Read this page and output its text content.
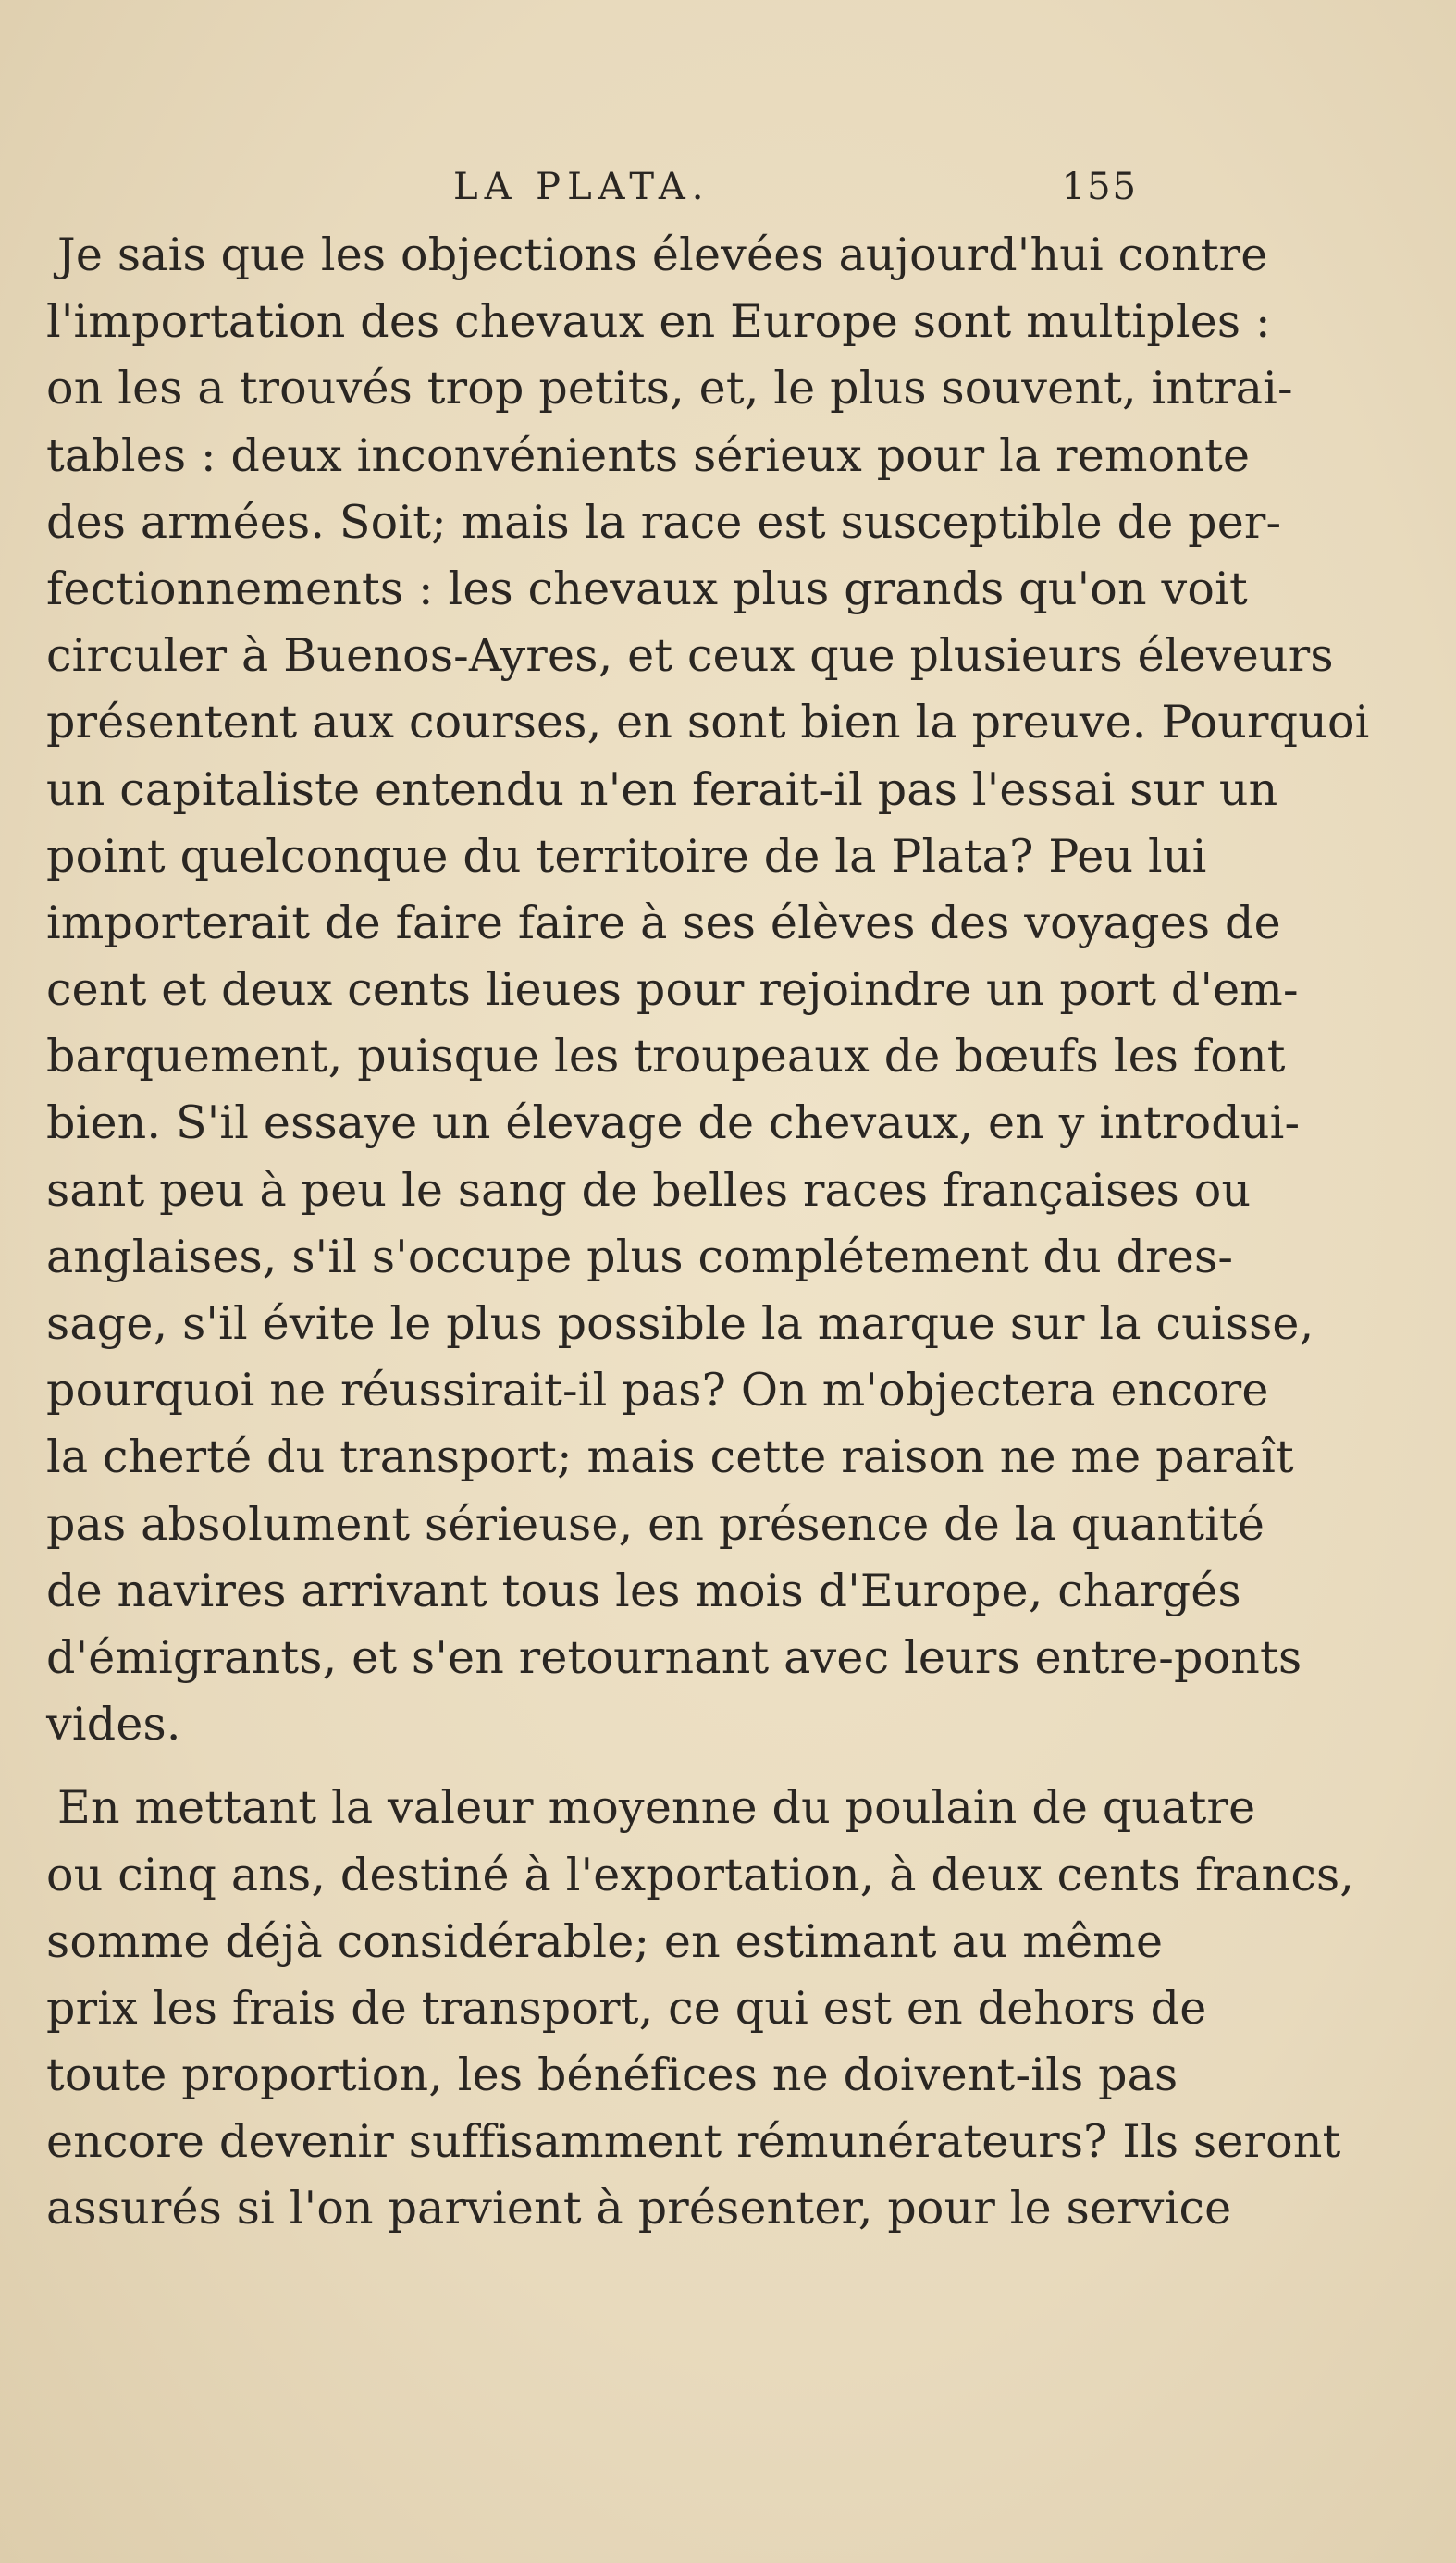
LA PLATA.	155
Je sais que les objections élevées aujourd'hui contre
l'importation des chevaux en Europe sont multiples :
on les a trouvés trop petits, et, le plus souvent, intrai-
tables : deux inconvénients sérieux pour la remonte
des armées. Soit; mais la race est susceptible de per-
fectionnements : les chevaux plus grands qu'on voit
circuler à Buenos-Ayres, et ceux que plusieurs éleveurs
présentent aux courses, en sont bien la preuve. Pourquoi
un capitaliste entendu n'en ferait-il pas l'essai sur un
point quelconque du territoire de la Plata? Peu lui
importerait de faire faire à ses élèves des voyages de
cent et deux cents lieues pour rejoindre un port d'em-
barquement, puisque les troupeaux de bœufs les font
bien. S'il essaye un élevage de chevaux, en y introdui-
sant peu à peu le sang de belles races françaises ou
anglaises, s'il s'occupe plus complétement du dres-
sage, s'il évite le plus possible la marque sur la cuisse,
pourquoi ne réussirait-il pas? On m'objectera encore
la cherté du transport; mais cette raison ne me paraît
pas absolument sérieuse, en présence de la quantité
de navires arrivant tous les mois d'Europe, chargés
d'émigrants, et s'en retournant avec leurs entre-ponts
vides.
En mettant la valeur moyenne du poulain de quatre
ou cinq ans, destiné à l'exportation, à deux cents francs,
somme déjà considérable; en estimant au même
prix les frais de transport, ce qui est en dehors de
toute proportion, les bénéfices ne doivent-ils pas
encore devenir suffisamment rémunérateurs? Ils seront
assurés si l'on parvient à présenter, pour le service
